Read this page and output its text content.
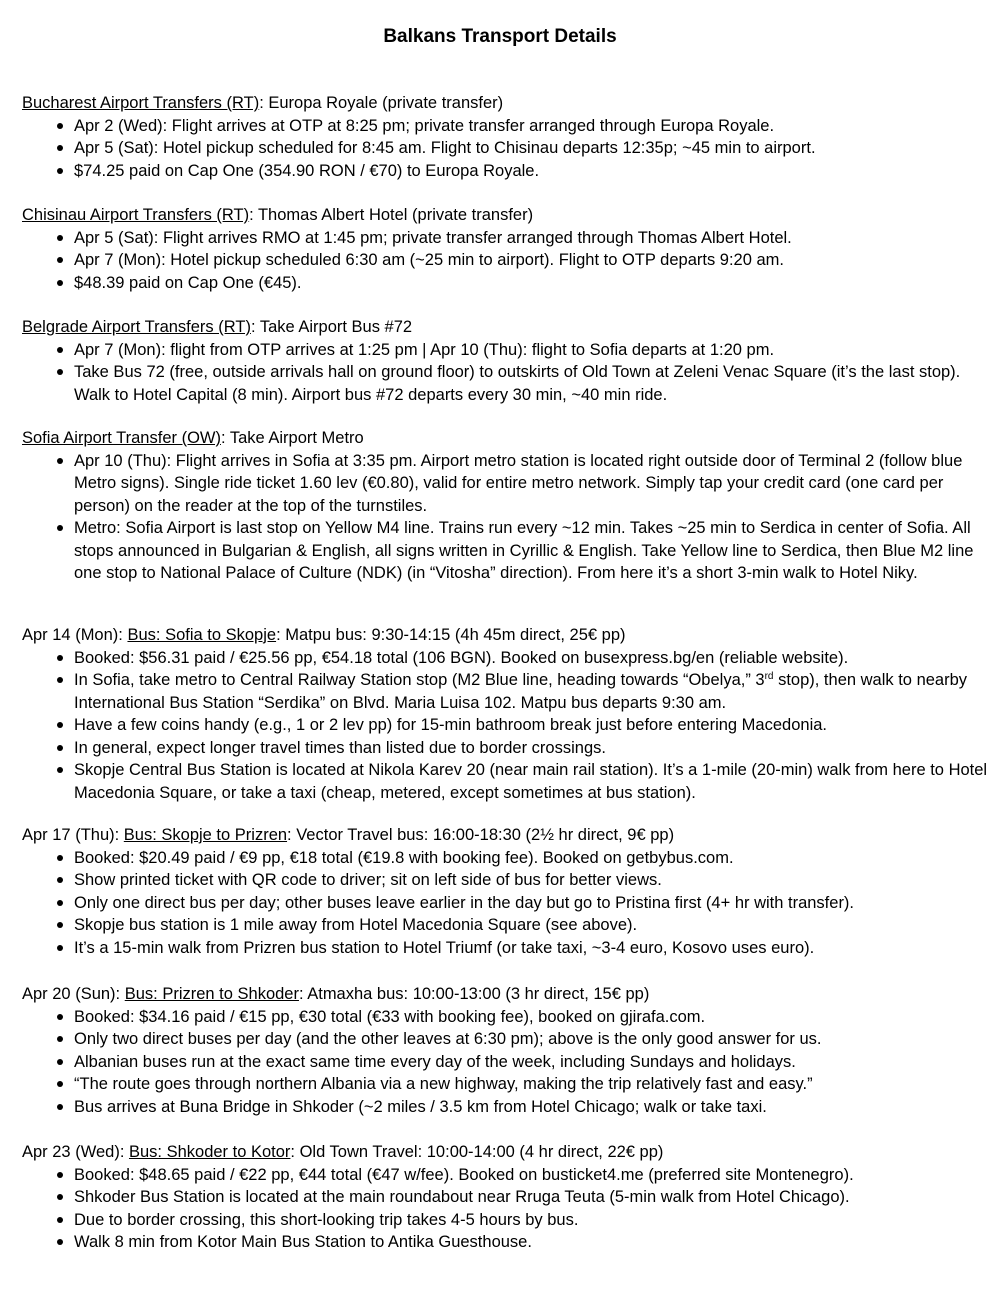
Balkans Transport Details
Bucharest Airport Transfers (RT): Europa Royale (private transfer)
Apr 2 (Wed): Flight arrives at OTP at 8:25 pm; private transfer arranged through Europa Royale.
Apr 5 (Sat): Hotel pickup scheduled for 8:45 am. Flight to Chisinau departs 12:35p; ~45 min to airport.
$74.25 paid on Cap One (354.90 RON / €70) to Europa Royale.
Chisinau Airport Transfers (RT): Thomas Albert Hotel (private transfer)
Apr 5 (Sat): Flight arrives RMO at 1:45 pm; private transfer arranged through Thomas Albert Hotel.
Apr 7 (Mon): Hotel pickup scheduled 6:30 am (~25 min to airport). Flight to OTP departs 9:20 am.
$48.39 paid on Cap One (€45).
Belgrade Airport Transfers (RT): Take Airport Bus #72
Apr 7 (Mon): flight from OTP arrives at 1:25 pm | Apr 10 (Thu): flight to Sofia departs at 1:20 pm.
Take Bus 72 (free, outside arrivals hall on ground floor) to outskirts of Old Town at Zeleni Venac Square (it’s the last stop). Walk to Hotel Capital (8 min). Airport bus #72 departs every 30 min, ~40 min ride.
Sofia Airport Transfer (OW): Take Airport Metro
Apr 10 (Thu): Flight arrives in Sofia at 3:35 pm. Airport metro station is located right outside door of Terminal 2 (follow blue Metro signs). Single ride ticket 1.60 lev (€0.80), valid for entire metro network. Simply tap your credit card (one card per person) on the reader at the top of the turnstiles.
Metro: Sofia Airport is last stop on Yellow M4 line. Trains run every ~12 min. Takes ~25 min to Serdica in center of Sofia. All stops announced in Bulgarian & English, all signs written in Cyrillic & English. Take Yellow line to Serdica, then Blue M2 line one stop to National Palace of Culture (NDK) (in “Vitosha” direction). From here it’s a short 3-min walk to Hotel Niky.
Apr 14 (Mon): Bus: Sofia to Skopje: Matpu bus: 9:30-14:15 (4h 45m direct, 25€ pp)
Booked: $56.31 paid / €25.56 pp, €54.18 total (106 BGN). Booked on busexpress.bg/en (reliable website).
In Sofia, take metro to Central Railway Station stop (M2 Blue line, heading towards “Obelya,” 3rd stop), then walk to nearby International Bus Station “Serdika” on Blvd. Maria Luisa 102. Matpu bus departs 9:30 am.
Have a few coins handy (e.g., 1 or 2 lev pp) for 15-min bathroom break just before entering Macedonia.
In general, expect longer travel times than listed due to border crossings.
Skopje Central Bus Station is located at Nikola Karev 20 (near main rail station). It’s a 1-mile (20-min) walk from here to Hotel Macedonia Square, or take a taxi (cheap, metered, except sometimes at bus station).
Apr 17 (Thu): Bus: Skopje to Prizren: Vector Travel bus: 16:00-18:30 (2½ hr direct, 9€ pp)
Booked: $20.49 paid / €9 pp, €18 total (€19.8 with booking fee). Booked on getbybus.com.
Show printed ticket with QR code to driver; sit on left side of bus for better views.
Only one direct bus per day; other buses leave earlier in the day but go to Pristina first (4+ hr with transfer).
Skopje bus station is 1 mile away from Hotel Macedonia Square (see above).
It’s a 15-min walk from Prizren bus station to Hotel Triumf (or take taxi, ~3-4 euro, Kosovo uses euro).
Apr 20 (Sun): Bus: Prizren to Shkoder: Atmaxha bus: 10:00-13:00 (3 hr direct, 15€ pp)
Booked: $34.16 paid / €15 pp, €30 total (€33 with booking fee), booked on gjirafa.com.
Only two direct buses per day (and the other leaves at 6:30 pm); above is the only good answer for us.
Albanian buses run at the exact same time every day of the week, including Sundays and holidays.
“The route goes through northern Albania via a new highway, making the trip relatively fast and easy.”
Bus arrives at Buna Bridge in Shkoder (~2 miles / 3.5 km from Hotel Chicago; walk or take taxi.
Apr 23 (Wed): Bus: Shkoder to Kotor: Old Town Travel: 10:00-14:00 (4 hr direct, 22€ pp)
Booked: $48.65 paid / €22 pp, €44 total (€47 w/fee). Booked on busticket4.me (preferred site Montenegro).
Shkoder Bus Station is located at the main roundabout near Rruga Teuta (5-min walk from Hotel Chicago).
Due to border crossing, this short-looking trip takes 4-5 hours by bus.
Walk 8 min from Kotor Main Bus Station to Antika Guesthouse.
